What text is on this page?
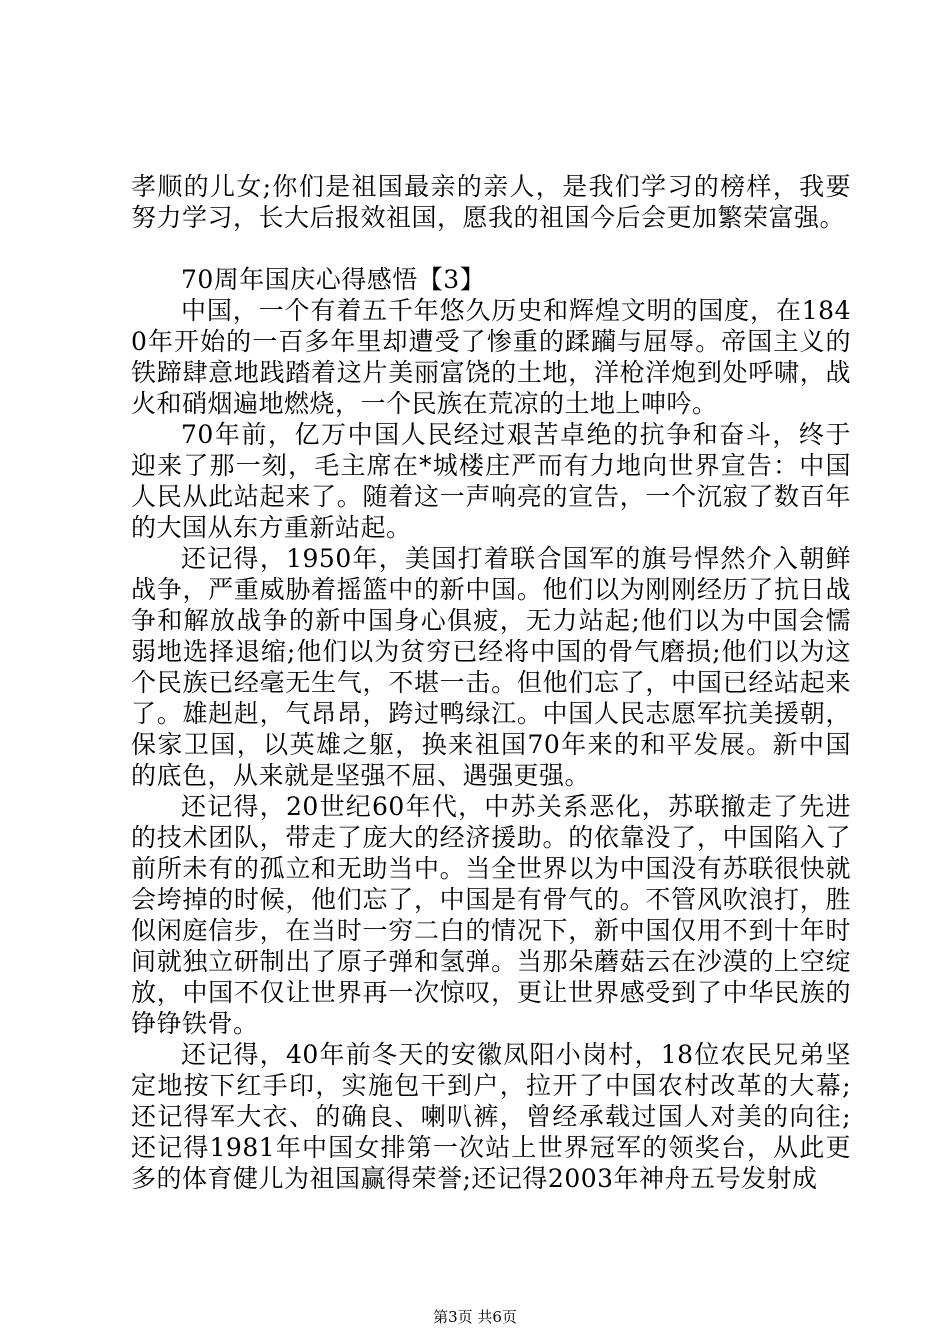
孝顺的儿女;你们是祖国最亲的亲人，是我们学习的榜样，我要努力学习，长大后报效祖国，愿我的祖国今后会更加繁荣富强。

70周年国庆心得感悟【3】

中国，一个有着五千年悠久历史和辉煌文明的国度，在1840年开始的一百多年里却遭受了惨重的蹂躏与屈辱。帝国主义的铁蹄肆意地践踏着这片美丽富饶的土地，洋枪洋炮到处呼啸，战火和硝烟遍地燃烧，一个民族在荒凉的土地上呻吟。

70年前，亿万中国人民经过艰苦卓绝的抗争和奋斗，终于迎来了那一刻，毛主席在*城楼庄严而有力地向世界宣告：中国人民从此站起来了。随着这一声响亮的宣告，一个沉寂了数百年的大国从东方重新站起。

还记得，1950年，美国打着联合国军的旗号悍然介入朝鲜战争，严重威胁着摇篮中的新中国。他们以为刚刚经历了抗日战争和解放战争的新中国身心俱疲，无力站起;他们以为中国会懦弱地选择退缩;他们以为贫穷已经将中国的骨气磨损;他们以为这个民族已经毫无生气，不堪一击。但他们忘了，中国已经站起来了。雄赳赳，气昂昂，跨过鸭绿江。中国人民志愿军抗美援朝，保家卫国，以英雄之躯，换来祖国70年来的和平发展。新中国的底色，从来就是坚强不屈、遇强更强。

还记得，20世纪60年代，中苏关系恶化，苏联撤走了先进的技术团队，带走了庞大的经济援助。的依靠没了，中国陷入了前所未有的孤立和无助当中。当全世界以为中国没有苏联很快就会垮掉的时候，他们忘了，中国是有骨气的。不管风吹浪打，胜似闲庭信步，在当时一穷二白的情况下，新中国仅用不到十年时间就独立研制出了原子弹和氢弹。当那朵蘑菇云在沙漠的上空绽放，中国不仅让世界再一次惊叹，更让世界感受到了中华民族的铮铮铁骨。

还记得，40年前冬天的安徽凤阳小岗村，18位农民兄弟坚定地按下红手印，实施包干到户，拉开了中国农村改革的大幕;还记得军大衣、的确良、喇叭裤，曾经承载过国人对美的向往;还记得1981年中国女排第一次站上世界冠军的领奖台，从此更多的体育健儿为祖国赢得荣誉;还记得2003年神舟五号发射成

第3页 共6页
